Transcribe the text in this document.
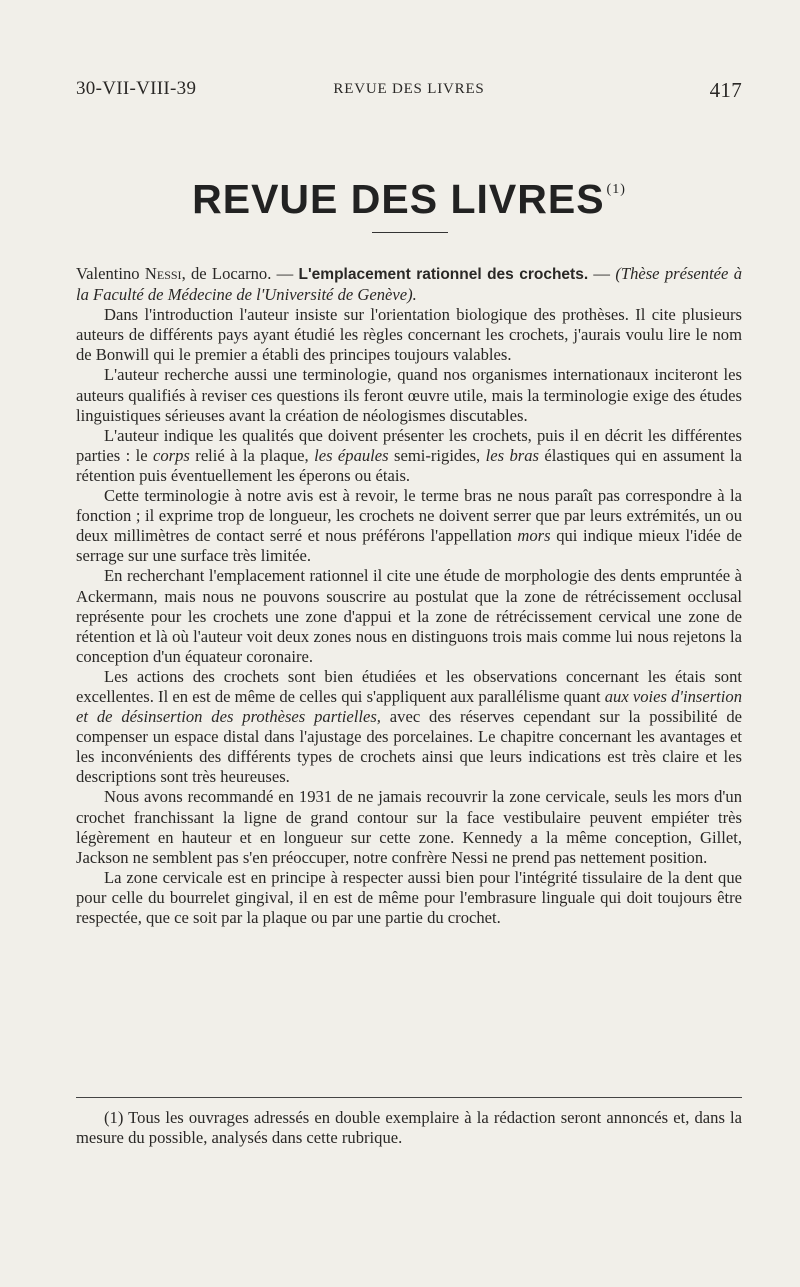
30-VII-VIII-39	REVUE DES LIVRES	417
REVUE DES LIVRES $^{(1)}$

Valentino Nessi, de Locarno. — L'emplacement rationnel des crochets. — (Thèse présentée à la Faculté de Médecine de l'Université de Genève).

Dans l'introduction l'auteur insiste sur l'orientation biologique des prothèses. Il cite plusieurs auteurs de différents pays ayant étudié les règles concernant les crochets, j'aurais voulu lire le nom de Bonwill qui le premier a établi des principes toujours valables.

L'auteur recherche aussi une terminologie, quand nos organismes internationaux inciteront les auteurs qualifiés à reviser ces questions ils feront œuvre utile, mais la terminologie exige des études linguistiques sérieuses avant la création de néologismes discutables.

L'auteur indique les qualités que doivent présenter les crochets, puis il en décrit les différentes parties : le corps relié à la plaque, les épaules semi-rigides, les bras élastiques qui en assument la rétention puis éventuellement les éperons ou étais.

Cette terminologie à notre avis est à revoir, le terme bras ne nous paraît pas correspondre à la fonction ; il exprime trop de longueur, les crochets ne doivent serrer que par leurs extrémités, un ou deux millimètres de contact serré et nous préférons l'appellation mors qui indique mieux l'idée de serrage sur une surface très limitée.

En recherchant l'emplacement rationnel il cite une étude de morphologie des dents empruntée à Ackermann, mais nous ne pouvons souscrire au postulat que la zone de rétrécissement occlusal représente pour les crochets une zone d'appui et la zone de rétrécissement cervical une zone de rétention et là où l'auteur voit deux zones nous en distinguons trois mais comme lui nous rejetons la conception d'un équateur coronaire.

Les actions des crochets sont bien étudiées et les observations concernant les étais sont excellentes. Il en est de même de celles qui s'appliquent aux parallélisme quant aux voies d'insertion et de désinsertion des prothèses partielles, avec des réserves cependant sur la possibilité de compenser un espace distal dans l'ajustage des porcelaines. Le chapitre concernant les avantages et les inconvénients des différents types de crochets ainsi que leurs indications est très claire et les descriptions sont très heureuses.

Nous avons recommandé en 1931 de ne jamais recouvrir la zone cervicale, seuls les mors d'un crochet franchissant la ligne de grand contour sur la face vestibulaire peuvent empiéter très légèrement en hauteur et en longueur sur cette zone. Kennedy a la même conception, Gillet, Jackson ne semblent pas s'en préoccuper, notre confrère Nessi ne prend pas nettement position.

La zone cervicale est en principe à respecter aussi bien pour l'intégrité tissulaire de la dent que pour celle du bourrelet gingival, il en est de même pour l'embrasure linguale qui doit toujours être respectée, que ce soit par la plaque ou par une partie du crochet.

(1) Tous les ouvrages adressés en double exemplaire à la rédaction seront annoncés et, dans la mesure du possible, analysés dans cette rubrique.
